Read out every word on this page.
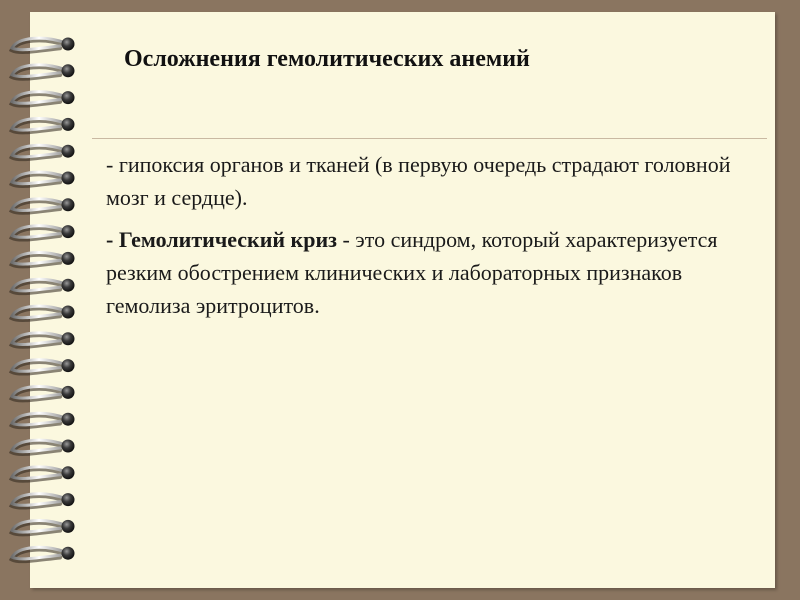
Осложнения гемолитических анемий

- гипоксия органов и тканей (в первую очередь страдают головной мозг и сердце).

- Гемолитический криз - это синдром, который характеризуется резким обострением клинических и лабораторных признаков гемолиза эритроцитов.
